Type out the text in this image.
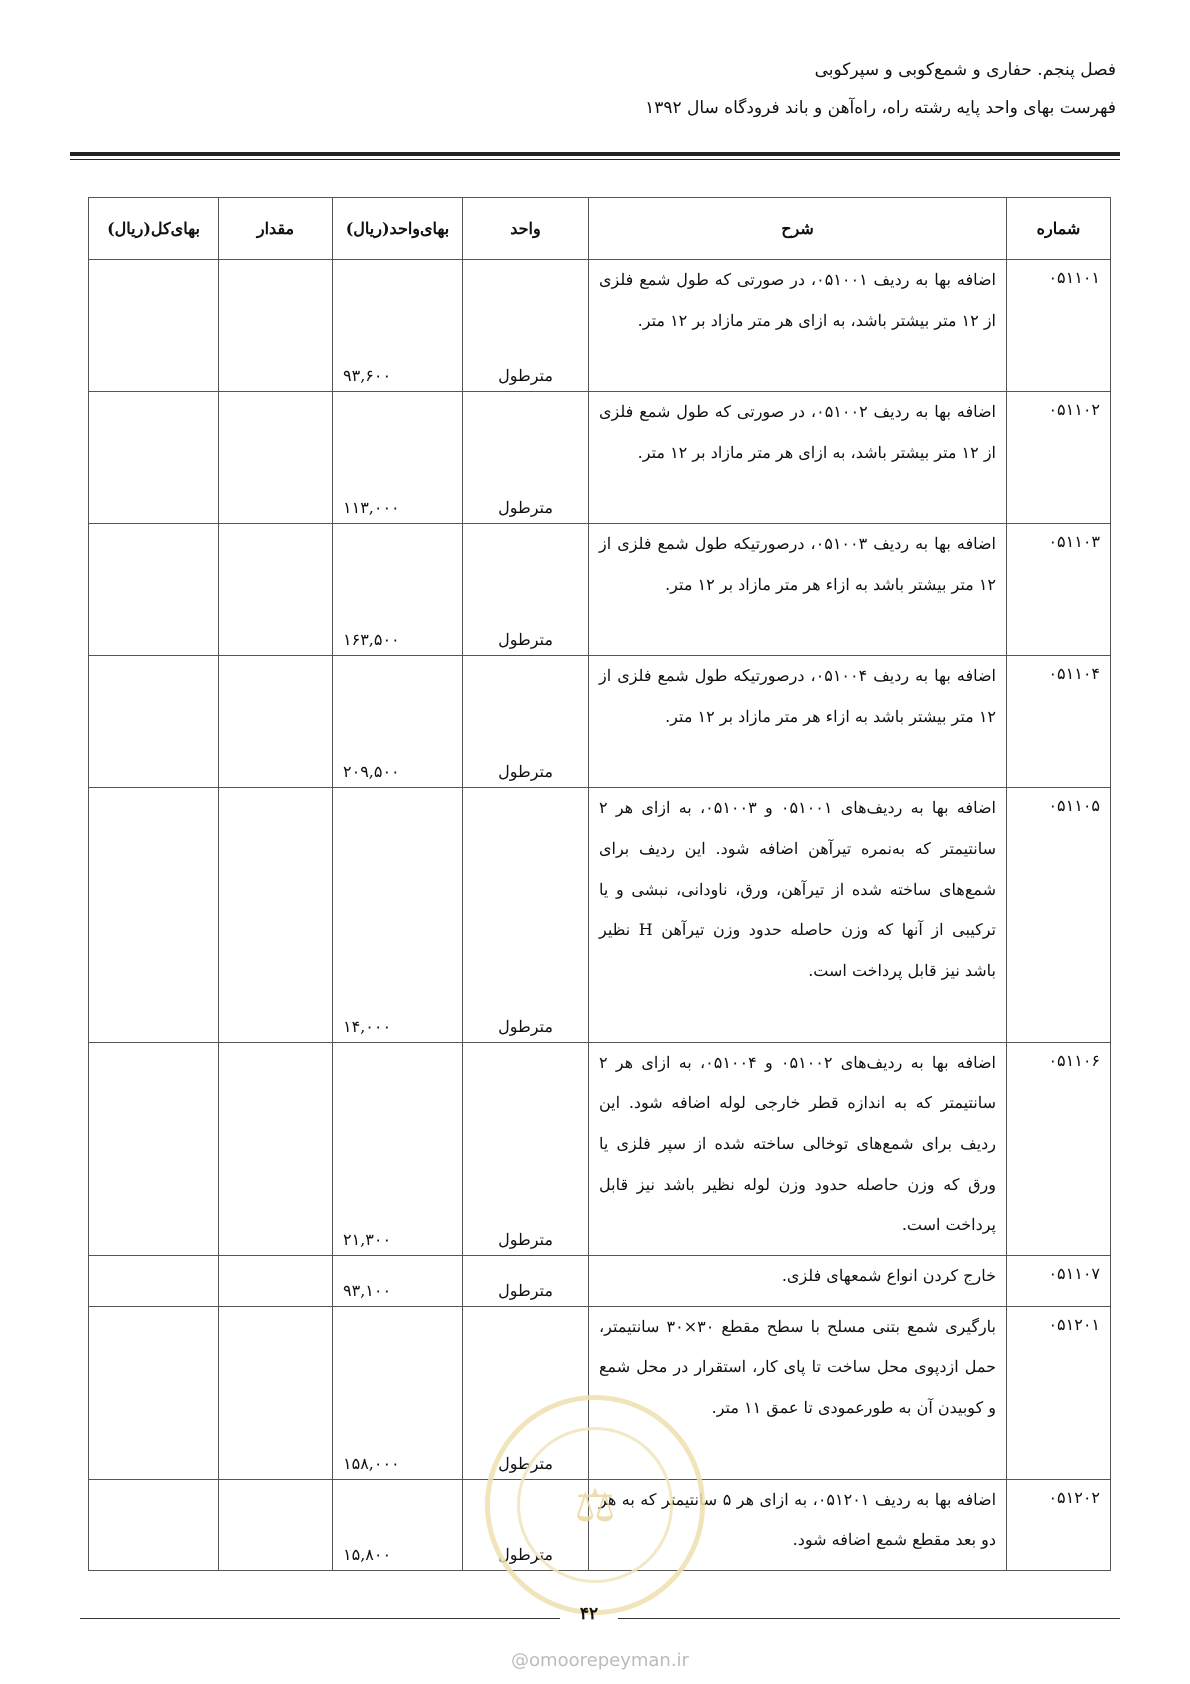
فصل پنجم. حفاری و شمع‌کوبی و سپرکوبی
فهرست بهای واحد پایه رشته راه، راه‌آهن و باند فرودگاه سال ۱۳۹۲
شماره	شرح	واحد	بهای‌واحد(ریال)	مقدار	بهای‌کل(ریال)
۰۵۱۱۰۱	اضافه بها به ردیف ۰۵۱۰۰۱، در صورتی که طول شمع فلزی از ۱۲ متر بیشتر باشد، به ازای هر متر مازاد بر ۱۲ متر.	مترطول	۹۳,۶۰۰		
۰۵۱۱۰۲	اضافه بها به ردیف ۰۵۱۰۰۲، در صورتی که طول شمع فلزی از ۱۲ متر بیشتر باشد، به ازای هر متر مازاد بر ۱۲ متر.	مترطول	۱۱۳,۰۰۰		
۰۵۱۱۰۳	اضافه بها به ردیف ۰۵۱۰۰۳، درصورتیکه طول شمع فلزی از ۱۲ متر بیشتر باشد به ازاء هر متر مازاد بر ۱۲ متر.	مترطول	۱۶۳,۵۰۰		
۰۵۱۱۰۴	اضافه بها به ردیف ۰۵۱۰۰۴، درصورتیکه طول شمع فلزی از ۱۲ متر بیشتر باشد به ازاء هر متر مازاد بر ۱۲ متر.	مترطول	۲۰۹,۵۰۰		
۰۵۱۱۰۵	اضافه بها به ردیف‌های ۰۵۱۰۰۱ و ۰۵۱۰۰۳، به ازای هر ۲ سانتیمتر که به‌نمره تیرآهن اضافه شود. این ردیف برای شمع‌های ساخته شده از تیرآهن، ورق، ناودانی، نبشی و یا ترکیبی از آنها که وزن حاصله حدود وزن تیرآهن H نظیر باشد نیز قابل پرداخت است.	مترطول	۱۴,۰۰۰		
۰۵۱۱۰۶	اضافه بها به ردیف‌های ۰۵۱۰۰۲ و ۰۵۱۰۰۴، به ازای هر ۲ سانتیمتر که به اندازه قطر خارجی لوله اضافه شود. این ردیف برای شمع‌های توخالی ساخته شده از سپر فلزی یا ورق که وزن حاصله حدود وزن لوله نظیر باشد نیز قابل پرداخت است.	مترطول	۲۱,۳۰۰		
۰۵۱۱۰۷	خارج کردن انواع شمعهای فلزی.	مترطول	۹۳,۱۰۰		
۰۵۱۲۰۱	بارگیری شمع بتنی مسلح با سطح مقطع ۳۰×۳۰ سانتیمتر، حمل ازدپوی محل ساخت تا پای کار، استقرار در محل شمع و کوبیدن آن به طورعمودی تا عمق ۱۱ متر.	مترطول	۱۵۸,۰۰۰		
۰۵۱۲۰۲	اضافه بها به ردیف ۰۵۱۲۰۱، به ازای هر ۵ سانتیمتر که به هر دو بعد مقطع شمع اضافه شود.	مترطول	۱۵,۸۰۰		
⚖
۴۲
@omoorepeyman.ir
